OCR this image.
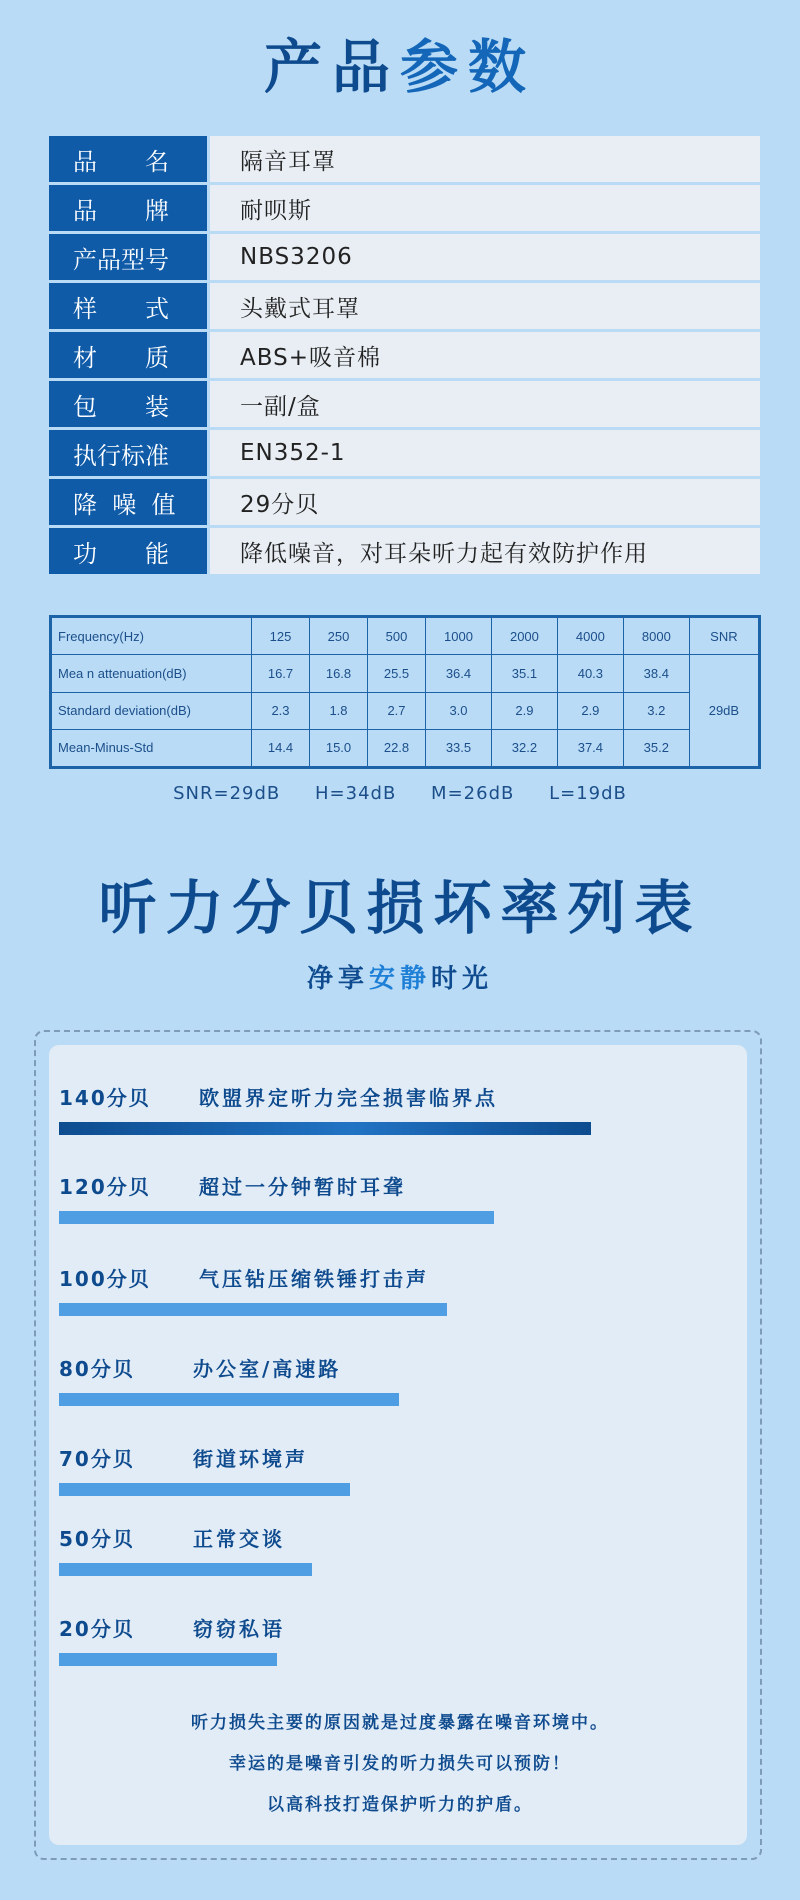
产品参数
品　　名	隔音耳罩
品　　牌	耐呗斯
产品型号	NBS3206
样　　式	头戴式耳罩
材　　质	ABS+吸音棉
包　　装	一副/盒
执行标准	EN352-1
降  噪  值	29分贝
功　　能	降低噪音，对耳朵听力起有效防护作用
Frequency(Hz)	125	250	500	1000	2000	4000	8000	SNR
Mea n attenuation(dB)	16.7	16.8	25.5	36.4	35.1	40.3	38.4	29dB
Standard deviation(dB)	2.3	1.8	2.7	3.0	2.9	2.9	3.2	
Mean-Minus-Std	14.4	15.0	22.8	33.5	32.2	37.4	35.2	
SNR=29dB H=34dB M=26dB L=19dB
听力分贝损坏率列表
净享安静时光
140分贝 欧盟界定听力完全损害临界点
120分贝 超过一分钟暂时耳聋
100分贝 气压钻压缩铁锤打击声
80分贝	办公室/高速路
70分贝	街道环境声
50分贝	正常交谈
20分贝	窃窃私语
听力损失主要的原因就是过度暴露在噪音环境中。
幸运的是噪音引发的听力损失可以预防！
以高科技打造保护听力的护盾。
